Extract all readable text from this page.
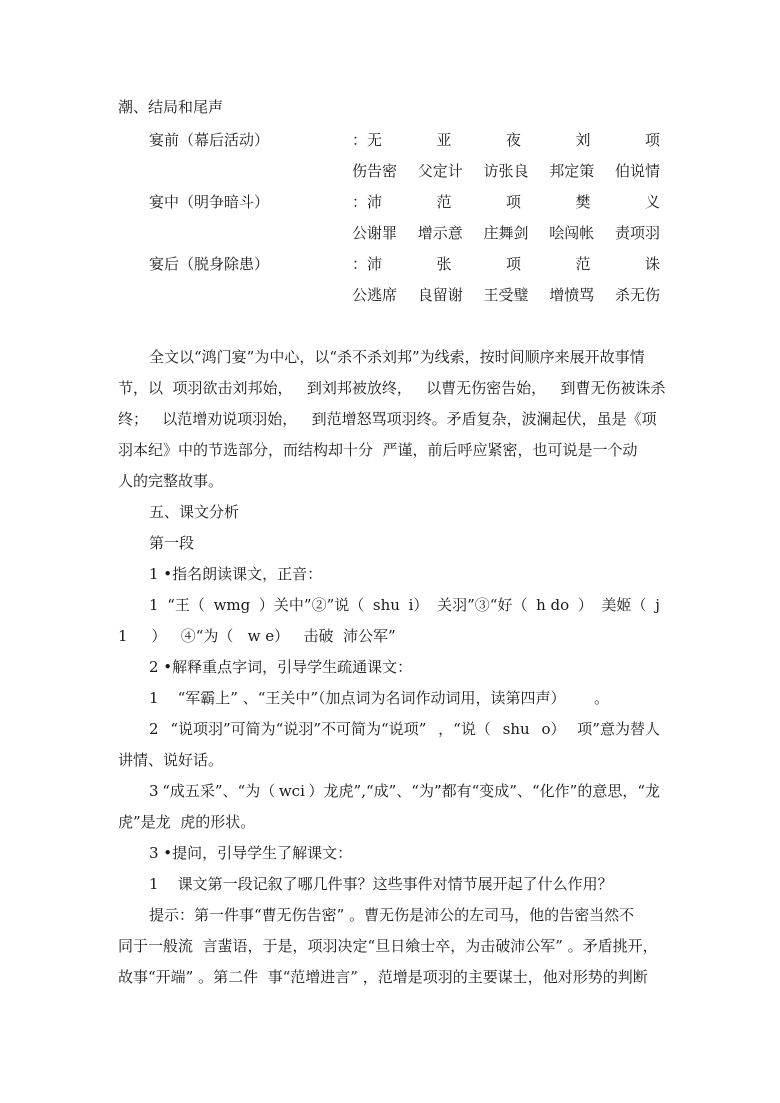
潮、结局和尾声
宴前（幕后活动）	：无	亚	夜	刘	项
伤告密 父定计 访张良 邦定策 伯说情
宴中（明争暗斗）	：沛	范	项	樊	义
公谢罪 增示意 庄舞剑 哙闯帐 责项羽
宴后（脱身除患）	：沛	张	项	范	诛
公逃席 良留谢 王受璧 增愤骂 杀无伤
全文以“鸿门宴”为中心，以“杀不杀刘邦”为线索，按时间顺序来展开故事情
节，以  项羽欲击刘邦始，   到刘邦被放终，   以曹无伤密告始，   到曹无伤被诛杀
终；   以范增劝说项羽始，   到范增怒骂项羽终。矛盾复杂，波澜起伏，虽是《项
羽本纪》中的节选部分，而结构却十分  严谨，前后呼应紧密，也可说是一个动
人的完整故事。
五、课文分析
第一段
1 •指名朗读课文，正音：
1 “王（ wmg ）关中”②”说（ shu i） 关羽”③“好（ h do ） 美姬（ j
1     ）   ④“为（   w e）   击破  沛公军”
2 •解释重点字词，引导学生疏通课文：
1    “军霸上” 、“王关中”（加点词为名词作动词用，读第四声）      。
2 “说项羽”可简为“说羽”不可简为“说项” ，“说（ shu o） 项”意为替人
讲情、说好话。
3 “成五采”、“为（ wci ）龙虎”,“成”、“为”都有“变成”、“化作”的意思，“龙
虎”是龙  虎的形状。
3 •提问，引导学生了解课文：
1    课文第一段记叙了哪几件事？这些事件对情节展开起了什么作用？
提示：第一件事“曹无伤告密” 。曹无伤是沛公的左司马，他的告密当然不
同于一般流  言蜚语，于是，项羽决定“旦日飨士卒，为击破沛公军” 。矛盾挑开，
故事“开端” 。第二件  事“范增进言” ，范增是项羽的主要谋士，他对形势的判断
